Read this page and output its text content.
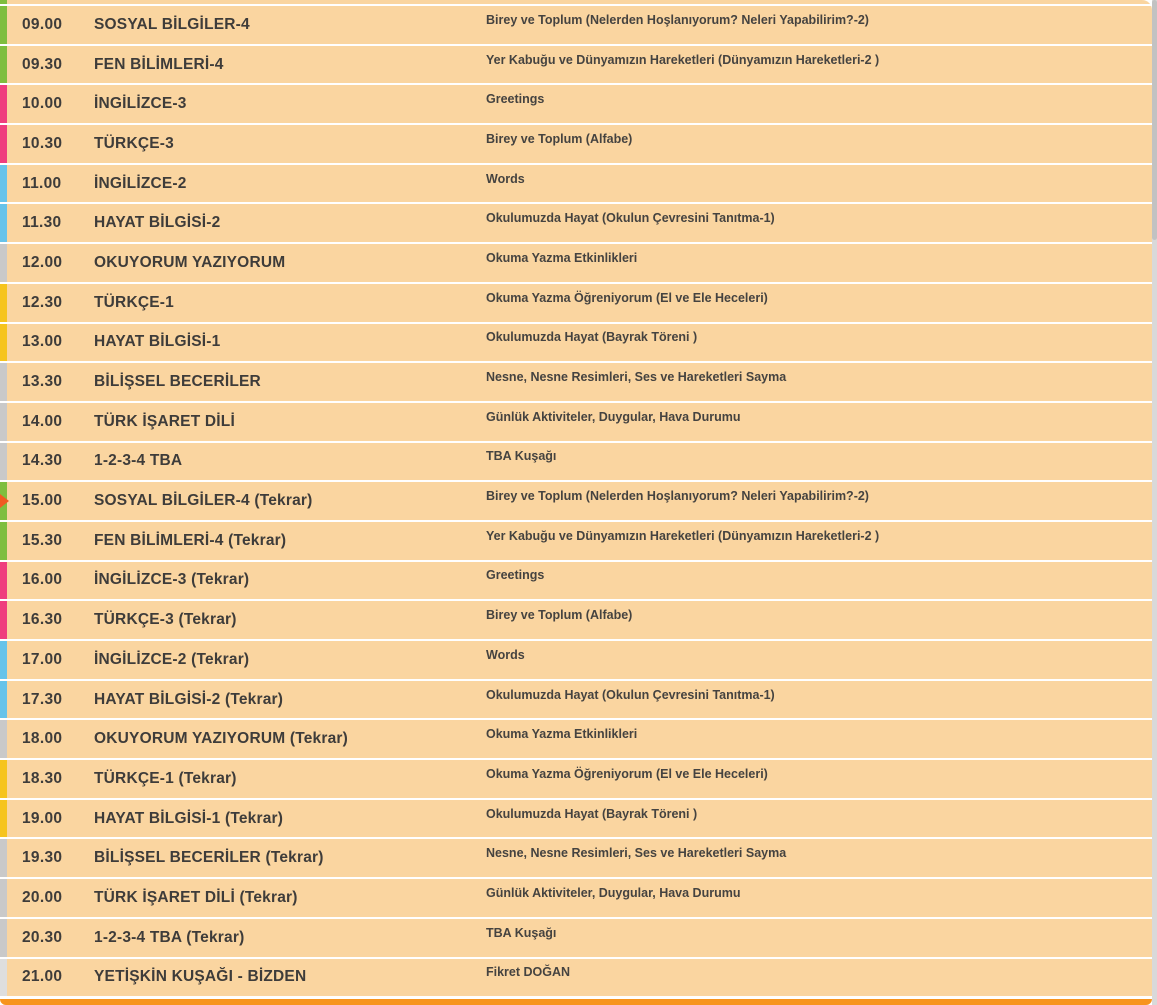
09.00	SOSYAL BİLGİLER-4	Birey ve Toplum (Nelerden Hoşlanıyorum? Neleri Yapabilirim?-2)
09.30	FEN BİLİMLERİ-4	Yer Kabuğu ve Dünyamızın Hareketleri (Dünyamızın Hareketleri-2 )
10.00	İNGİLİZCE-3	Greetings
10.30	TÜRKÇE-3	Birey ve Toplum (Alfabe)
11.00	İNGİLİZCE-2	Words
11.30	HAYAT BİLGİSİ-2	Okulumuzda Hayat (Okulun Çevresini Tanıtma-1)
12.00	OKUYORUM YAZIYORUM	Okuma Yazma Etkinlikleri
12.30	TÜRKÇE-1	Okuma Yazma Öğreniyorum (El ve Ele Heceleri)
13.00	HAYAT BİLGİSİ-1	Okulumuzda Hayat (Bayrak Töreni )
13.30	BİLİŞSEL BECERİLER	Nesne, Nesne Resimleri, Ses ve Hareketleri Sayma
14.00	TÜRK İŞARET DİLİ	Günlük Aktiviteler, Duygular, Hava Durumu
14.30	1-2-3-4 TBA	TBA Kuşağı
15.00	SOSYAL BİLGİLER-4 (Tekrar)	Birey ve Toplum (Nelerden Hoşlanıyorum? Neleri Yapabilirim?-2)
15.30	FEN BİLİMLERİ-4 (Tekrar)	Yer Kabuğu ve Dünyamızın Hareketleri (Dünyamızın Hareketleri-2 )
16.00	İNGİLİZCE-3 (Tekrar)	Greetings
16.30	TÜRKÇE-3 (Tekrar)	Birey ve Toplum (Alfabe)
17.00	İNGİLİZCE-2 (Tekrar)	Words
17.30	HAYAT BİLGİSİ-2 (Tekrar)	Okulumuzda Hayat (Okulun Çevresini Tanıtma-1)
18.00	OKUYORUM YAZIYORUM (Tekrar)	Okuma Yazma Etkinlikleri
18.30	TÜRKÇE-1 (Tekrar)	Okuma Yazma Öğreniyorum (El ve Ele Heceleri)
19.00	HAYAT BİLGİSİ-1 (Tekrar)	Okulumuzda Hayat (Bayrak Töreni )
19.30	BİLİŞSEL BECERİLER (Tekrar)	Nesne, Nesne Resimleri, Ses ve Hareketleri Sayma
20.00	TÜRK İŞARET DİLİ (Tekrar)	Günlük Aktiviteler, Duygular, Hava Durumu
20.30	1-2-3-4 TBA (Tekrar)	TBA Kuşağı
21.00	YETİŞKİN KUŞAĞI - BİZDEN	Fikret DOĞAN
